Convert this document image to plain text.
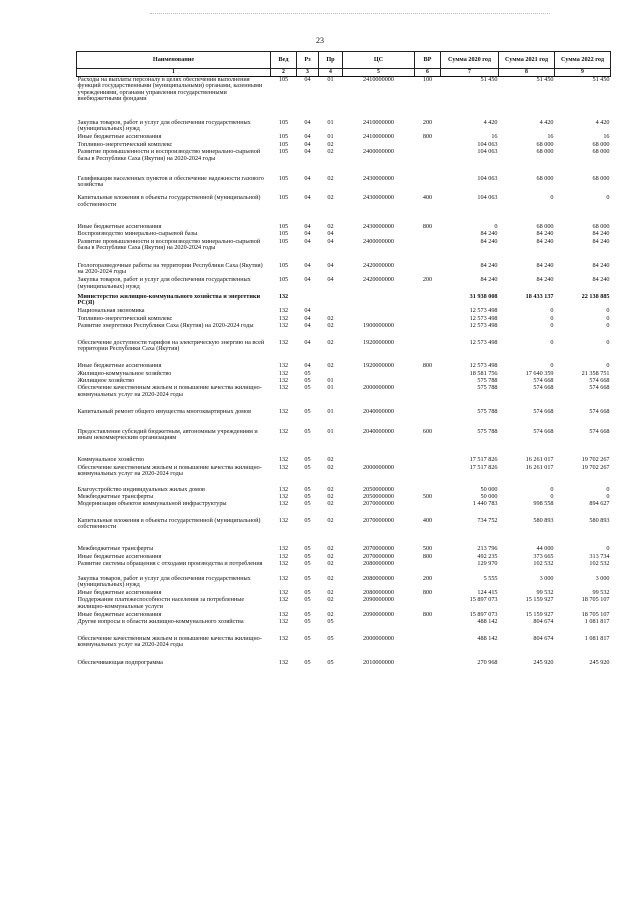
23
Наименование	Вед	Рз	Пр	ЦС	ВР	Сумма 2020 год	Сумма 2021 год	Сумма 2022 год
1	2	3	4	5	6	7	8	9
Расходы на выплаты персоналу в целях обеспечения выполнения функций государственными (муниципальными) органами, казенными учреждениями, органами управления государственными внебюджетными фондами	105	04	01	2410000000	100	51 450	51 450	51 450
Закупка товаров, работ и услуг для обеспечения государственных (муниципальных) нужд	105	04	01	2410000000	200	4 420	4 420	4 420
Иные бюджетные ассигнования	105	04	01	2410000000	800	16	16	16
Топливно-энергетический комплекс	105	04	02			104 063	68 000	68 000
Развитие промышленности и воспроизводство минерально-сырьевой базы в Республике Саха (Якутия) на 2020-2024 годы	105	04	02	2400000000		104 063	68 000	68 000
Газификация населенных пунктов и обеспечение надежности газового хозяйства	105	04	02	2430000000		104 063	68 000	68 000
Капитальные вложения в объекты государственной (муниципальной) собственности	105	04	02	2430000000	400	104 063	0	0
Иные бюджетные ассигнования	105	04	02	2430000000	800	0	68 000	68 000
Воспроизводство минерально-сырьевой базы	105	04	04			84 240	84 240	84 240
Развитие промышленности и воспроизводство минерально-сырьевой базы в Республике Саха (Якутия) на 2020-2024 годы	105	04	04	2400000000		84 240	84 240	84 240
Геологоразведочные работы на территории Республики Саха (Якутия) на 2020-2024 годы	105	04	04	2420000000		84 240	84 240	84 240
Закупка товаров, работ и услуг для обеспечения государственных (муниципальных) нужд	105	04	04	2420000000	200	84 240	84 240	84 240
Министерство жилищно-коммунального хозяйства и энергетики РС(Я)	132					31 938 008	18 433 137	22 138 885
Национальная экономика	132	04				12 573 498	0	0
Топливно-энергетический комплекс	132	04	02			12 573 498	0	0
Развитие энергетики Республики Саха (Якутия) на 2020-2024 годы	132	04	02	1900000000		12 573 498	0	0
Обеспечение доступности тарифов на электрическую энергию на всей территории Республики Саха (Якутия)	132	04	02	1920000000		12 573 498	0	0
Иные бюджетные ассигнования	132	04	02	1920000000	800	12 573 498	0	0
Жилищно-коммунальное хозяйство	132	05				18 581 756	17 640 359	21 358 751
Жилищное хозяйство	132	05	01			575 788	574 668	574 668
Обеспечение качественным жильем и повышение качества жилищно-коммунальных услуг на 2020-2024 годы	132	05	01	2000000000		575 788	574 668	574 668
Капитальный ремонт общего имущества многоквартирных домов	132	05	01	2040000000		575 788	574 668	574 668
Предоставление субсидий бюджетным, автономным учреждениям и иным некоммерческим организациям	132	05	01	2040000000	600	575 788	574 668	574 668
Коммунальное хозяйство	132	05	02			17 517 826	16 261 017	19 702 267
Обеспечение качественным жильем и повышение качества жилищно-коммунальных услуг на 2020-2024 годы	132	05	02	2000000000		17 517 826	16 261 017	19 702 267
Благоустройство индивидуальных жилых домов	132	05	02	2050000000		50 000	0	0
Межбюджетные трансферты	132	05	02	2050000000	500	50 000	0	0
Модернизация объектов коммунальной инфраструктуры	132	05	02	2070000000		1 440 783	998 558	894 627
Капитальные вложения в объекты государственной (муниципальной) собственности	132	05	02	2070000000	400	734 752	580 893	580 893
Межбюджетные трансферты	132	05	02	2070000000	500	213 796	44 000	0
Иные бюджетные ассигнования	132	05	02	2070000000	800	492 235	373 665	313 734
Развитие системы обращения с отходами производства и потребления	132	05	02	2080000000		129 970	102 532	102 532
Закупка товаров, работ и услуг для обеспечения государственных (муниципальных) нужд	132	05	02	2080000000	200	5 555	3 000	3 000
Иные бюджетные ассигнования	132	05	02	2080000000	800	124 415	99 532	99 532
Поддержание платежеспособности населения за потребленные жилищно-коммунальные услуги	132	05	02	2090000000		15 897 073	15 159 927	18 705 107
Иные бюджетные ассигнования	132	05	02	2090000000	800	15 897 073	15 159 927	18 705 107
Другие вопросы в области жилищно-коммунального хозяйства	132	05	05			488 142	804 674	1 081 817
Обеспечение качественным жильем и повышение качества жилищно-коммунальных услуг на 2020-2024 годы	132	05	05	2000000000		488 142	804 674	1 081 817
Обеспечивающая подпрограмма	132	05	05	2010000000		270 968	245 920	245 920
